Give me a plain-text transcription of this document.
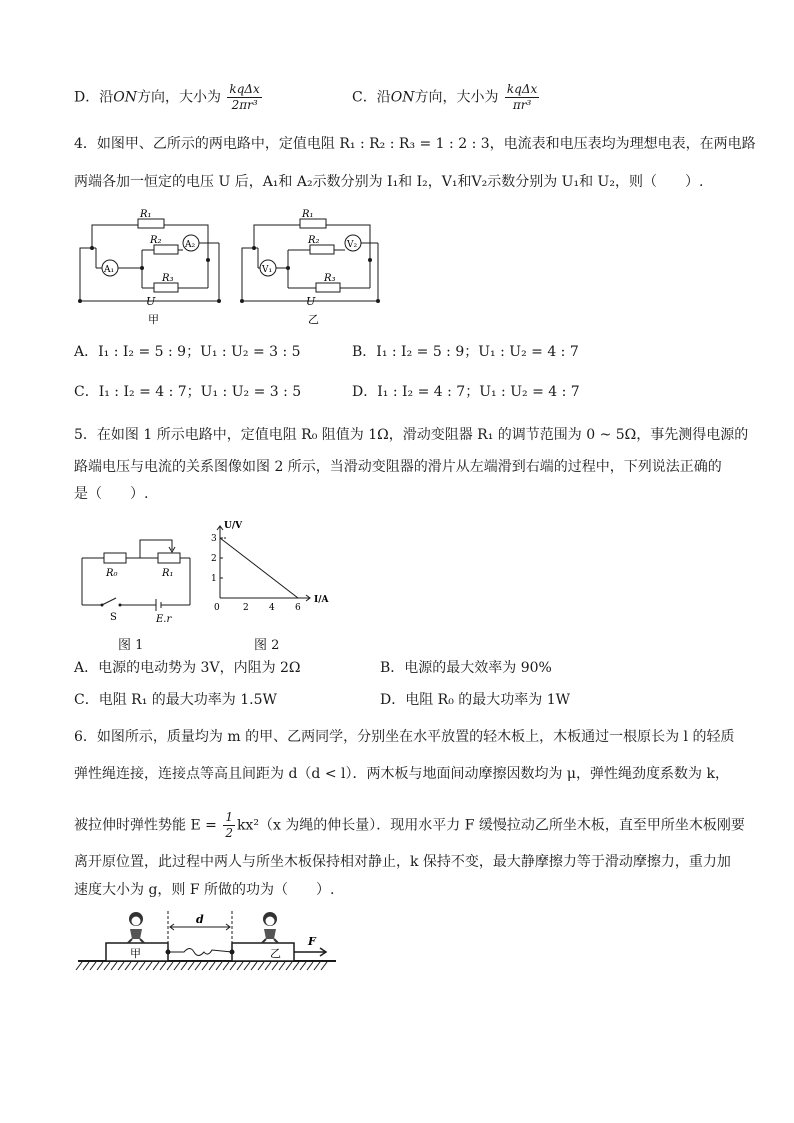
D．沿ON方向，大小为 $\frac{\text{kqΔx}}{\text{2πr³}}$	C．沿ON方向，大小为 $\frac{\text{kqΔx}}{\text{πr³}}$
4．如图甲、乙所示的两电路中，定值电阻 R₁ : R₂ : R₃ = 1 : 2 : 3，电流表和电压表均为理想电表，在两电路
两端各加一恒定的电压 U 后，A₁和 A₂示数分别为 I₁和 I₂，V₁和V₂示数分别为 U₁和 U₂，则（　　）.
R₁
R₂
R₃
A₁
A₂
U
甲
R₁
R₂
R₃
V₁
V₂
U
乙
A．I₁ : I₂ = 5 : 9；U₁ : U₂ = 3 : 5	B．I₁ : I₂ = 5 : 9；U₁ : U₂ = 4 : 7
C．I₁ : I₂ = 4 : 7；U₁ : U₂ = 3 : 5	D．I₁ : I₂ = 4 : 7；U₁ : U₂ = 4 : 7
5．在如图 1 所示电路中，定值电阻 R₀ 阻值为 1Ω，滑动变阻器 R₁ 的调节范围为 0 ~ 5Ω，事先测得电源的
路端电压与电流的关系图像如图 2 所示，当滑动变阻器的滑片从左端滑到右端的过程中，下列说法正确的
是（　　）.
R₀	R₁
S	E.r
图 1
U/V
I/A
0
3
2
1
2 4 6
图 2
A．电源的电动势为 3V，内阻为 2Ω	B．电源的最大效率为 90%
C．电阻 R₁ 的最大功率为 1.5W	D．电阻 R₀ 的最大功率为 1W
6．如图所示，质量均为 m 的甲、乙两同学，分别坐在水平放置的轻木板上，木板通过一根原长为 l 的轻质
弹性绳连接，连接点等高且间距为 d（d < l）．两木板与地面间动摩擦因数均为 μ，弹性绳劲度系数为 k，
被拉伸时弹性势能 $E = \frac{1}{2} kx^2(x$ 为绳的伸长量）．现用水平力 F 缓慢拉动乙所坐木板，直至甲所坐木板刚要
离开原位置，此过程中两人与所坐木板保持相对静止，k 保持不变，最大静摩擦力等于滑动摩擦力，重力加
速度大小为 g，则 F 所做的功为（　　）.
甲	乙
d
F
